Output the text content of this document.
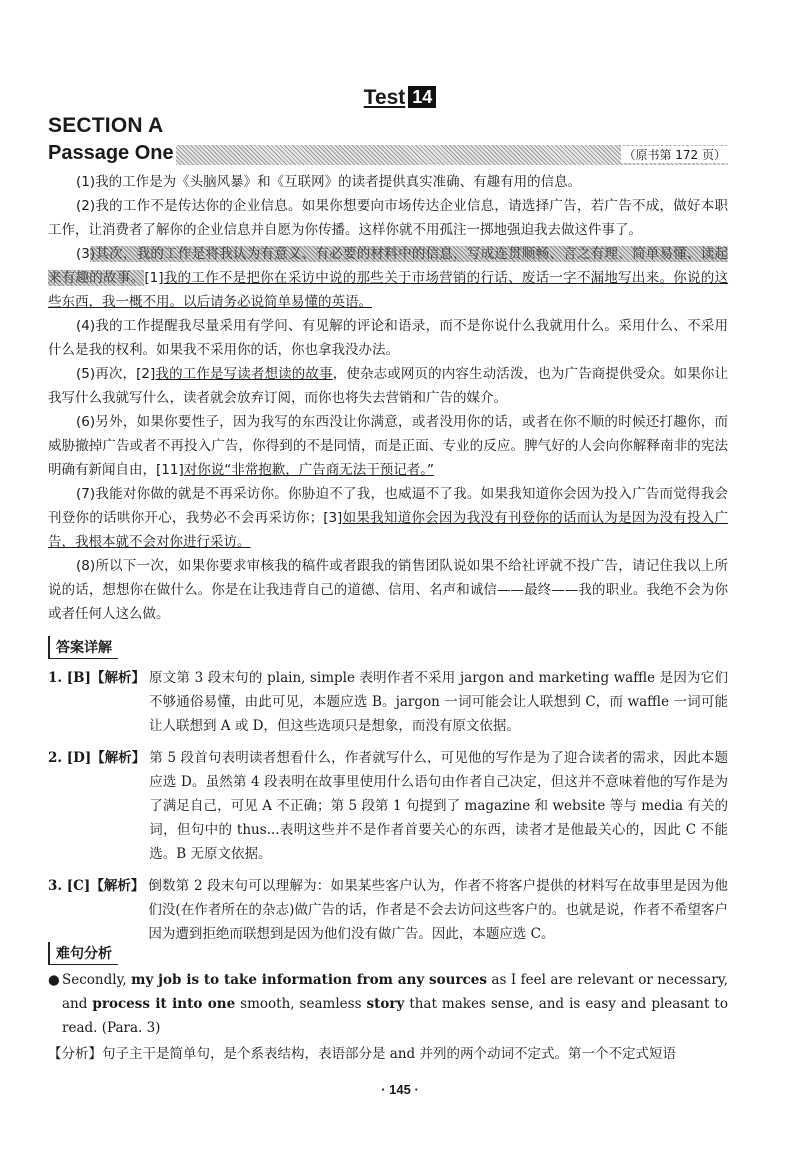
Test 14
SECTION A
Passage One	（原书第 172 页）

(1)我的工作是为《头脑风暴》和《互联网》的读者提供真实准确、有趣有用的信息。

(2)我的工作不是传达你的企业信息。如果你想要向市场传达企业信息，请选择广告，若广告不成，做好本职工作，让消费者了解你的企业信息并自愿为你传播。这样你就不用孤注一掷地强迫我去做这件事了。

(3)其次，我的工作是将我认为有意义、有必要的材料中的信息，写成连贯顺畅、言之有理、简单易懂、读起来有趣的故事。[1]我的工作不是把你在采访中说的那些关于市场营销的行话、废话一字不漏地写出来。你说的这些东西，我一概不用。以后请务必说简单易懂的英语。

(4)我的工作提醒我尽量采用有学问、有见解的评论和语录，而不是你说什么我就用什么。采用什么、不采用什么是我的权利。如果我不采用你的话，你也拿我没办法。

(5)再次，[2]我的工作是写读者想读的故事，使杂志或网页的内容生动活泼，也为广告商提供受众。如果你让我写什么我就写什么，读者就会放弃订阅，而你也将失去营销和广告的媒介。

(6)另外，如果你要性子，因为我写的东西没让你满意，或者没用你的话，或者在你不顺的时候还打趣你，而威胁撤掉广告或者不再投入广告，你得到的不是同情，而是正面、专业的反应。脾气好的人会向你解释南非的宪法明确有新闻自由，[11]对你说“非常抱歉，广告商无法干预记者。”

(7)我能对你做的就是不再采访你。你胁迫不了我，也威逼不了我。如果我知道你会因为投入广告而觉得我会刊登你的话哄你开心，我势必不会再采访你；[3]如果我知道你会因为我没有刊登你的话而认为是因为没有投入广告，我根本就不会对你进行采访。

(8)所以下一次，如果你要求审核我的稿件或者跟我的销售团队说如果不给社评就不投广告，请记住我以上所说的话，想想你在做什么。你是在让我违背自己的道德、信用、名声和诚信——最终——我的职业。我绝不会为你或者任何人这么做。

答案详解
1. [B]【解析】 原文第 3 段末句的 plain, simple 表明作者不采用 jargon and marketing waffle 是因为它们不够通俗易懂，由此可见，本题应选 B。jargon 一词可能会让人联想到 C，而 waffle 一词可能让人联想到 A 或 D，但这些选项只是想象，而没有原文依据。
2. [D]【解析】 第 5 段首句表明读者想看什么，作者就写什么，可见他的写作是为了迎合读者的需求，因此本题应选 D。虽然第 4 段表明在故事里使用什么语句由作者自己决定，但这并不意味着他的写作是为了满足自己，可见 A 不正确；第 5 段第 1 句提到了 magazine 和 website 等与 media 有关的词，但句中的 thus...表明这些并不是作者首要关心的东西，读者才是他最关心的，因此 C 不能选。B 无原文依据。
3. [C]【解析】 倒数第 2 段末句可以理解为：如果某些客户认为，作者不将客户提供的材料写在故事里是因为他们没(在作者所在的杂志)做广告的话，作者是不会去访问这些客户的。也就是说，作者不希望客户因为遭到拒绝而联想到是因为他们没有做广告。因此，本题应选 C。
难句分析
● Secondly, my job is to take information from any sources as I feel are relevant or necessary, and process it into one smooth, seamless story that makes sense, and is easy and pleasant to read. (Para. 3)
【分析】句子主干是简单句，是个系表结构，表语部分是 and 并列的两个动词不定式。第一个不定式短语
· 145 ·
